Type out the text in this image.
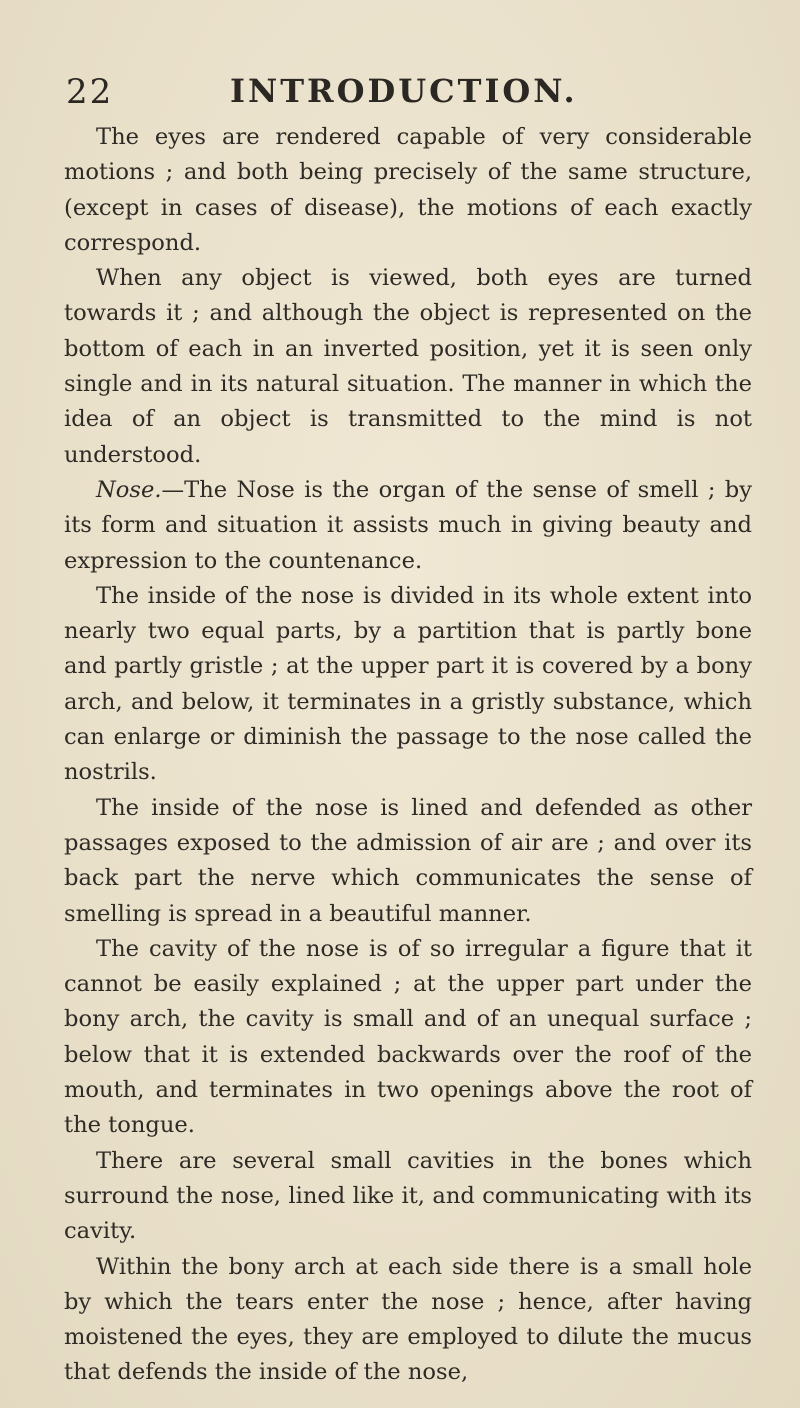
22	INTRODUCTION.

The eyes are rendered capable of very considerable motions ; and both being precisely of the same structure, (except in cases of disease), the motions of each exactly correspond.

When any object is viewed, both eyes are turned towards it ; and although the object is represented on the bottom of each in an inverted position, yet it is seen only single and in its natural situation. The manner in which the idea of an object is transmitted to the mind is not understood.

Nose.—The Nose is the organ of the sense of smell ; by its form and situation it assists much in giving beauty and expression to the countenance.

The inside of the nose is divided in its whole extent into nearly two equal parts, by a partition that is partly bone and partly gristle ; at the upper part it is covered by a bony arch, and below, it terminates in a gristly substance, which can enlarge or diminish the passage to the nose called the nostrils.

The inside of the nose is lined and defended as other passages exposed to the admission of air are ; and over its back part the nerve which communicates the sense of smelling is spread in a beautiful manner.

The cavity of the nose is of so irregular a figure that it cannot be easily explained ; at the upper part under the bony arch, the cavity is small and of an unequal surface ; below that it is extended backwards over the roof of the mouth, and terminates in two openings above the root of the tongue.

There are several small cavities in the bones which surround the nose, lined like it, and communicating with its cavity.

Within the bony arch at each side there is a small hole by which the tears enter the nose ; hence, after having moistened the eyes, they are employed to dilute the mucus that defends the inside of the nose,
